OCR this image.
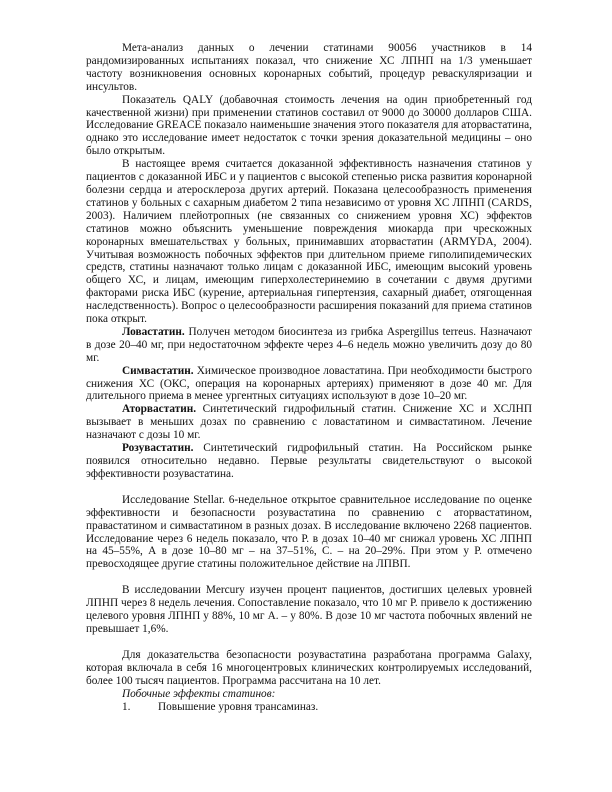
Мета-анализ данных о лечении статинами 90056 участников в 14 рандомизированных испытаниях показал, что снижение ХС ЛПНП на 1/3 уменьшает частоту возникновения основных коронарных событий, процедур реваскуляризации и инсультов.

Показатель QALY (добавочная стоимость лечения на один приобретенный год качественной жизни) при применении статинов составил от 9000 до 30000 долларов США. Исследование GREACE показало наименьшие значения этого показателя для аторвастатина, однако это исследование имеет недостаток с точки зрения доказательной медицины – оно было открытым.

В настоящее время считается доказанной эффективность назначения статинов у пациентов с доказанной ИБС и у пациентов с высокой степенью риска развития коронарной болезни сердца и атеросклероза других артерий. Показана целесообразность применения статинов у больных с сахарным диабетом 2 типа независимо от уровня ХС ЛПНП (CARDS, 2003). Наличием плейотропных (не связанных со снижением уровня ХС) эффектов статинов можно объяснить уменьшение повреждения миокарда при чрескожных коронарных вмешательствах у больных, принимавших аторвастатин (ARMYDA, 2004). Учитывая возможность побочных эффектов при длительном приеме гиполипидемических средств, статины назначают только лицам с доказанной ИБС, имеющим высокий уровень общего ХС, и лицам, имеющим гиперхолестеринемию в сочетании с двумя другими факторами риска ИБС (курение, артериальная гипертензия, сахарный диабет, отягощенная наследственность). Вопрос о целесообразности расширения показаний для приема статинов пока открыт.

Ловастатин. Получен методом биосинтеза из грибка Aspergillus terreus. Назначают в дозе 20–40 мг, при недостаточном эффекте через 4–6 недель можно увеличить дозу до 80 мг.

Симвастатин. Химическое производное ловастатина. При необходимости быстрого снижения ХС (ОКС, операция на коронарных артериях) применяют в дозе 40 мг. Для длительного приема в менее ургентных ситуациях используют в дозе 10–20 мг.

Аторвастатин. Синтетический гидрофильный статин. Снижение ХС и ХСЛНП вызывает в меньших дозах по сравнению с ловастатином и симвастатином. Лечение назначают с дозы 10 мг.

Розувастатин. Синтетический гидрофильный статин. На Российском рынке появился относительно недавно. Первые результаты свидетельствуют о высокой эффективности розувастатина.

Исследование Stellar. 6-недельное открытое сравнительное исследование по оценке эффективности и безопасности розувастатина по сравнению с аторвастатином, правастатином и симвастатином в разных дозах. В исследование включено 2268 пациентов. Исследование через 6 недель показало, что Р. в дозах 10–40 мг снижал уровень ХС ЛПНП на 45–55%, А в дозе 10–80 мг – на 37–51%, С. – на 20–29%. При этом у Р. отмечено превосходящее другие статины положительное действие на ЛПВП.

В исследовании Mercury изучен процент пациентов, достигших целевых уровней ЛПНП через 8 недель лечения. Сопоставление показало, что 10 мг Р. привело к достижению целевого уровня ЛПНП у 88%, 10 мг А. – у 80%. В дозе 10 мг частота побочных явлений не превышает 1,6%.

Для доказательства безопасности розувастатина разработана программа Galaxy, которая включала в себя 16 многоцентровых клинических контролируемых исследований, более 100 тысяч пациентов. Программа рассчитана на 10 лет.

Побочные эффекты статинов:
1.	Повышение уровня трансаминаз.
